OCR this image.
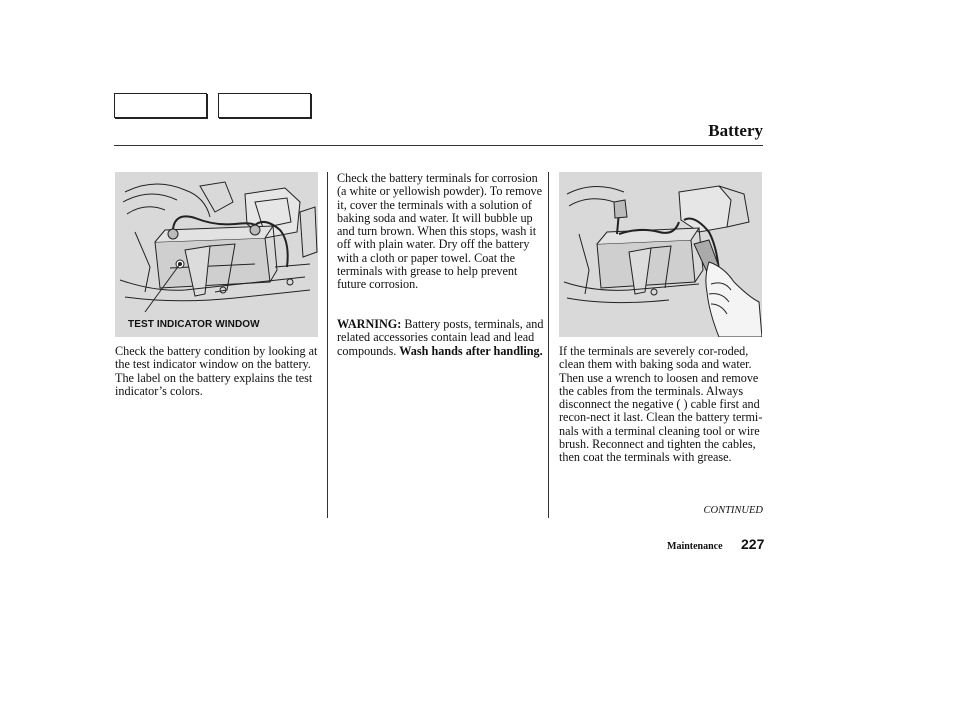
Battery
TEST INDICATOR WINDOW
Check the battery condition by looking at the test indicator window on the battery. The label on the battery explains the test indicator’s colors.
Check the battery terminals for corrosion (a white or yellowish powder). To remove it, cover the terminals with a solution of baking soda and water. It will bubble up and turn brown. When this stops, wash it off with plain water. Dry off the battery with a cloth or paper towel. Coat the terminals with grease to help prevent future corrosion.
WARNING: Battery posts, terminals, and related accessories contain lead and lead compounds. Wash hands after handling.	If the terminals are severely cor-roded, clean them with baking soda and water. Then use a wrench to loosen and remove the cables from the terminals. Always disconnect the negative ( ) cable first and recon-nect it last. Clean the battery termi-nals with a terminal cleaning tool or wire brush. Reconnect and tighten the cables, then coat the terminals with grease.
CONTINUED
Maintenance 227
